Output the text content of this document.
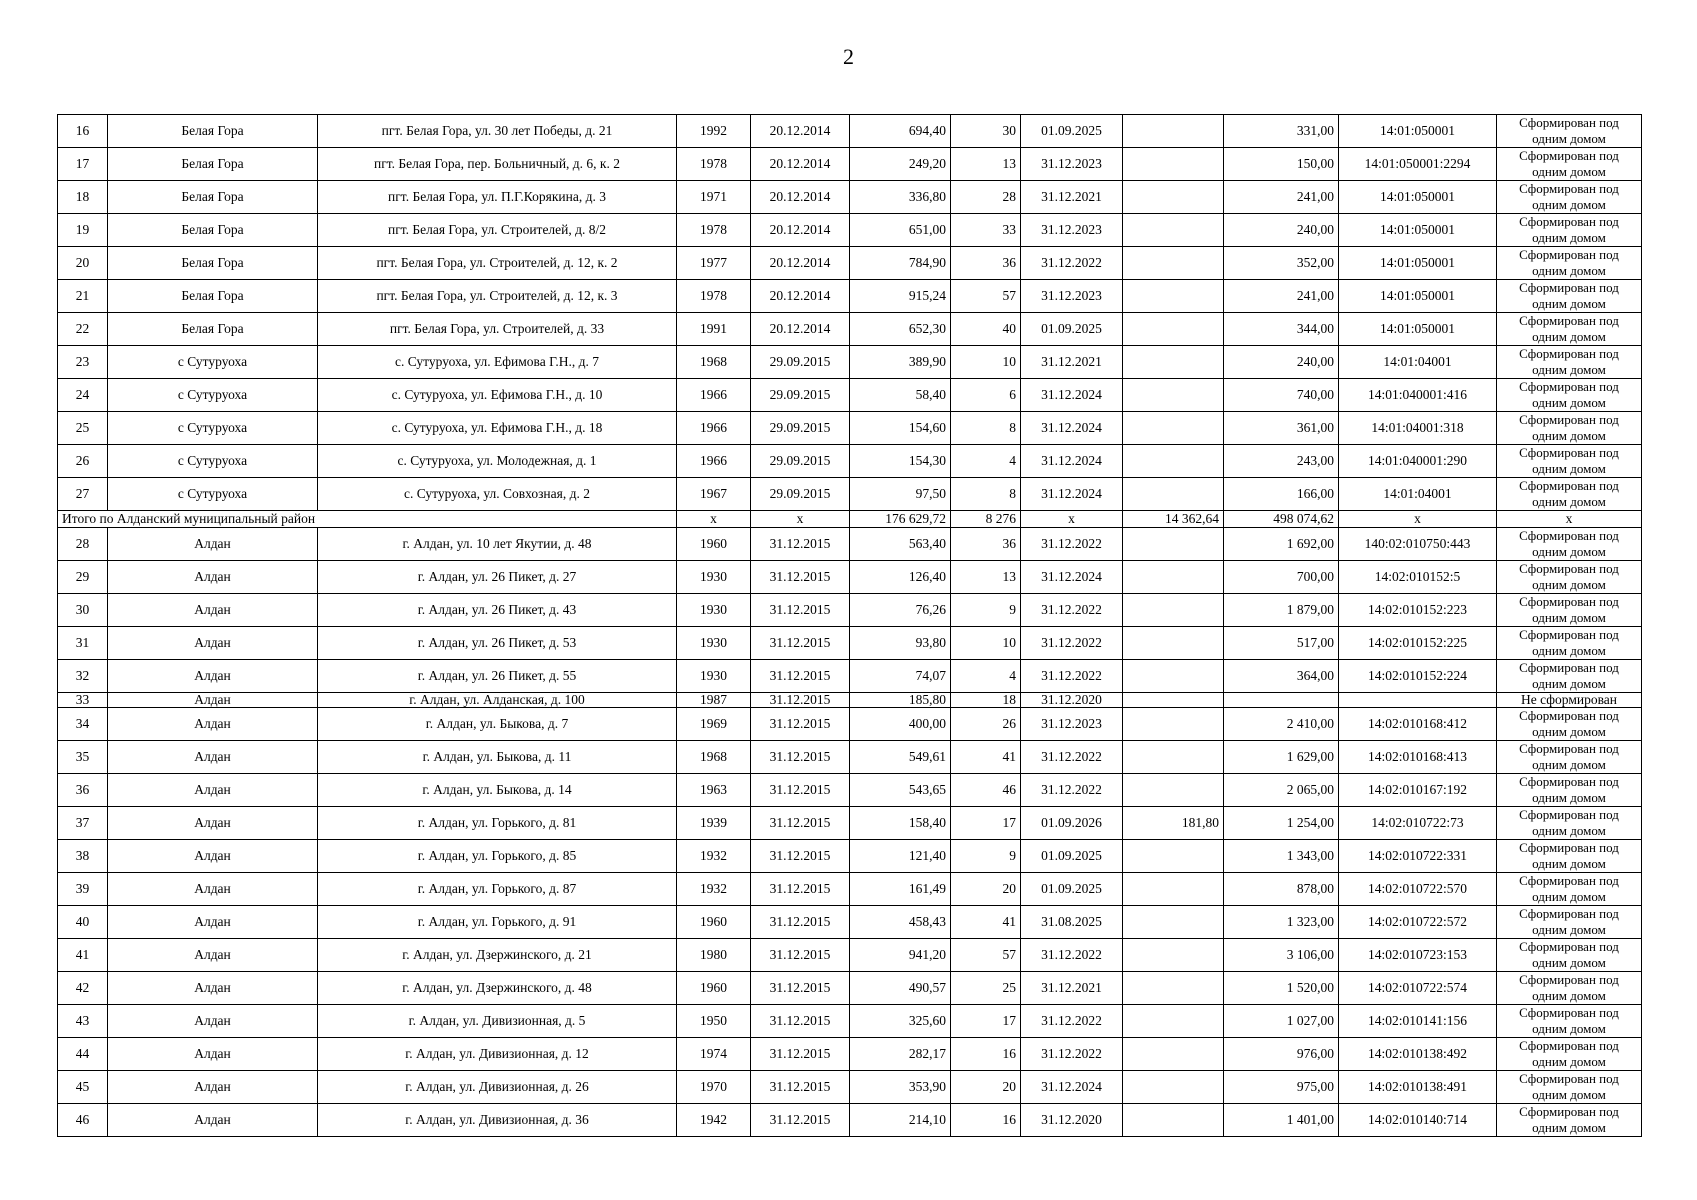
2
16	Белая Гора	пгт. Белая Гора, ул. 30 лет Победы, д. 21	1992	20.12.2014	694,40	30	01.09.2025		331,00	14:01:050001	Сформирован под одним домом
17	Белая Гора	пгт. Белая Гора, пер. Больничный, д. 6, к. 2	1978	20.12.2014	249,20	13	31.12.2023		150,00	14:01:050001:2294	Сформирован под одним домом
18	Белая Гора	пгт. Белая Гора, ул. П.Г.Корякина, д. 3	1971	20.12.2014	336,80	28	31.12.2021		241,00	14:01:050001	Сформирован под одним домом
19	Белая Гора	пгт. Белая Гора, ул. Строителей, д. 8/2	1978	20.12.2014	651,00	33	31.12.2023		240,00	14:01:050001	Сформирован под одним домом
20	Белая Гора	пгт. Белая Гора, ул. Строителей, д. 12, к. 2	1977	20.12.2014	784,90	36	31.12.2022		352,00	14:01:050001	Сформирован под одним домом
21	Белая Гора	пгт. Белая Гора, ул. Строителей, д. 12, к. 3	1978	20.12.2014	915,24	57	31.12.2023		241,00	14:01:050001	Сформирован под одним домом
22	Белая Гора	пгт. Белая Гора, ул. Строителей, д. 33	1991	20.12.2014	652,30	40	01.09.2025		344,00	14:01:050001	Сформирован под одним домом
23	с Сутуруоха	с. Сутуруоха, ул. Ефимова Г.Н., д. 7	1968	29.09.2015	389,90	10	31.12.2021		240,00	14:01:04001	Сформирован под одним домом
24	с Сутуруоха	с. Сутуруоха, ул. Ефимова Г.Н., д. 10	1966	29.09.2015	58,40	6	31.12.2024		740,00	14:01:040001:416	Сформирован под одним домом
25	с Сутуруоха	с. Сутуруоха, ул. Ефимова Г.Н., д. 18	1966	29.09.2015	154,60	8	31.12.2024		361,00	14:01:04001:318	Сформирован под одним домом
26	с Сутуруоха	с. Сутуруоха, ул. Молодежная, д. 1	1966	29.09.2015	154,30	4	31.12.2024		243,00	14:01:040001:290	Сформирован под одним домом
27	с Сутуруоха	с. Сутуруоха, ул. Совхозная, д. 2	1967	29.09.2015	97,50	8	31.12.2024		166,00	14:01:04001	Сформирован под одним домом
Итого по Алданский муниципальный район			х	х	176 629,72	8 276	х	14 362,64	498 074,62	х	х
28	Алдан	г. Алдан, ул. 10 лет Якутии, д. 48	1960	31.12.2015	563,40	36	31.12.2022		1 692,00	140:02:010750:443	Сформирован под одним домом
29	Алдан	г. Алдан, ул. 26 Пикет, д. 27	1930	31.12.2015	126,40	13	31.12.2024		700,00	14:02:010152:5	Сформирован под одним домом
30	Алдан	г. Алдан, ул. 26 Пикет, д. 43	1930	31.12.2015	76,26	9	31.12.2022		1 879,00	14:02:010152:223	Сформирован под одним домом
31	Алдан	г. Алдан, ул. 26 Пикет, д. 53	1930	31.12.2015	93,80	10	31.12.2022		517,00	14:02:010152:225	Сформирован под одним домом
32	Алдан	г. Алдан, ул. 26 Пикет, д. 55	1930	31.12.2015	74,07	4	31.12.2022		364,00	14:02:010152:224	Сформирован под одним домом
33	Алдан	г. Алдан, ул. Алданская, д. 100	1987	31.12.2015	185,80	18	31.12.2020				Не сформирован
34	Алдан	г. Алдан, ул. Быкова, д. 7	1969	31.12.2015	400,00	26	31.12.2023		2 410,00	14:02:010168:412	Сформирован под одним домом
35	Алдан	г. Алдан, ул. Быкова, д. 11	1968	31.12.2015	549,61	41	31.12.2022		1 629,00	14:02:010168:413	Сформирован под одним домом
36	Алдан	г. Алдан, ул. Быкова, д. 14	1963	31.12.2015	543,65	46	31.12.2022		2 065,00	14:02:010167:192	Сформирован под одним домом
37	Алдан	г. Алдан, ул. Горького, д. 81	1939	31.12.2015	158,40	17	01.09.2026	181,80	1 254,00	14:02:010722:73	Сформирован под одним домом
38	Алдан	г. Алдан, ул. Горького, д. 85	1932	31.12.2015	121,40	9	01.09.2025		1 343,00	14:02:010722:331	Сформирован под одним домом
39	Алдан	г. Алдан, ул. Горького, д. 87	1932	31.12.2015	161,49	20	01.09.2025		878,00	14:02:010722:570	Сформирован под одним домом
40	Алдан	г. Алдан, ул. Горького, д. 91	1960	31.12.2015	458,43	41	31.08.2025		1 323,00	14:02:010722:572	Сформирован под одним домом
41	Алдан	г. Алдан, ул. Дзержинского, д. 21	1980	31.12.2015	941,20	57	31.12.2022		3 106,00	14:02:010723:153	Сформирован под одним домом
42	Алдан	г. Алдан, ул. Дзержинского, д. 48	1960	31.12.2015	490,57	25	31.12.2021		1 520,00	14:02:010722:574	Сформирован под одним домом
43	Алдан	г. Алдан, ул. Дивизионная, д. 5	1950	31.12.2015	325,60	17	31.12.2022		1 027,00	14:02:010141:156	Сформирован под одним домом
44	Алдан	г. Алдан, ул. Дивизионная, д. 12	1974	31.12.2015	282,17	16	31.12.2022		976,00	14:02:010138:492	Сформирован под одним домом
45	Алдан	г. Алдан, ул. Дивизионная, д. 26	1970	31.12.2015	353,90	20	31.12.2024		975,00	14:02:010138:491	Сформирован под одним домом
46	Алдан	г. Алдан, ул. Дивизионная, д. 36	1942	31.12.2015	214,10	16	31.12.2020		1 401,00	14:02:010140:714	Сформирован под одним домом
